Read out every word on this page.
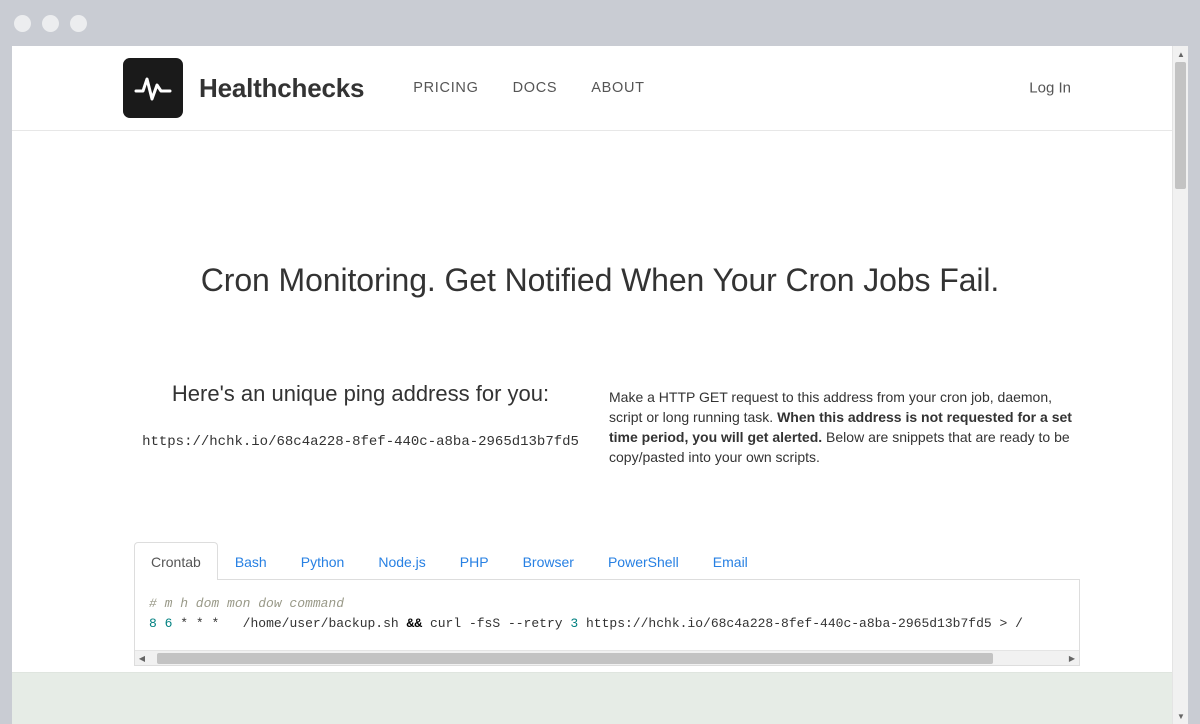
Healthchecks	PRICING	DOCS	ABOUT	Log In
Cron Monitoring. Get Notified When Your Cron Jobs Fail.
Here's an unique ping address for you:
https://hchk.io/68c4a228-8fef-440c-a8ba-2965d13b7fd5
Make a HTTP GET request to this address from your cron job, daemon, script or long running task. When this address is not requested for a set time period, you will get alerted. Below are snippets that are ready to be copy/pasted into your own scripts.
Crontab	Bash	Python	Node.js	PHP	Browser	PowerShell	Email
# m h dom mon dow command
8 6 * * * /home/user/backup.sh && curl -fsS --retry 3 https://hchk.io/68c4a228-8fef-440c-a8ba-2965d13b7fd5 > /
◀	▶
▲
▼
